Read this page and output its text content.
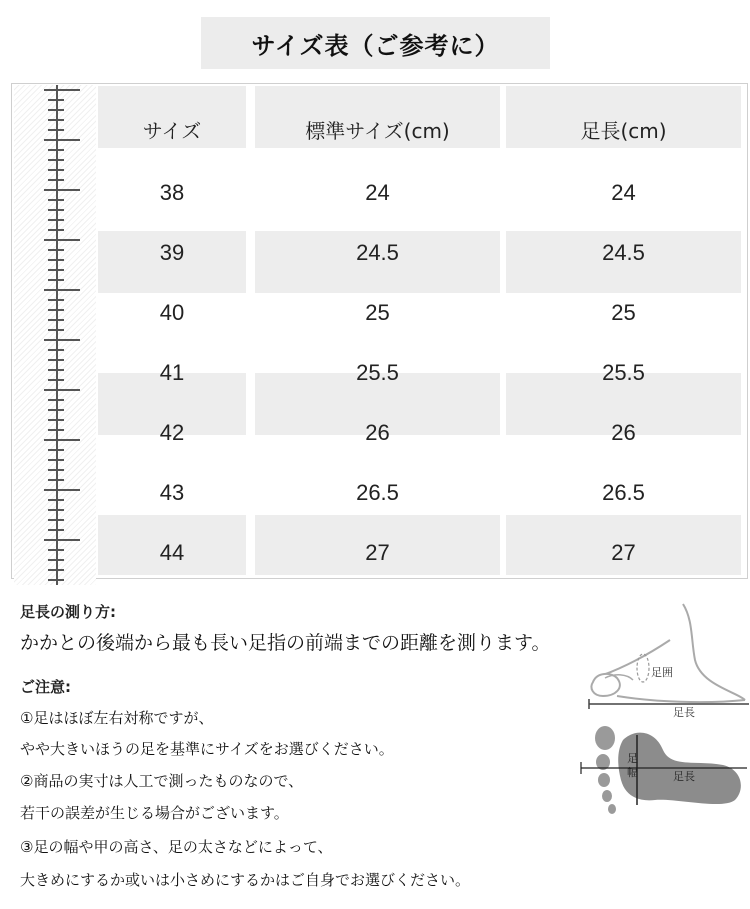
サイズ表（ご参考に）
サイズ	標準サイズ(cm)	足長(cm)
38	24	24
39	24.5	24.5
40	25	25
41	25.5	25.5
42	26	26
43	26.5	26.5
44	27	27
足長の測り方:
かかとの後端から最も長い足指の前端までの距離を測ります。
ご注意:
①足はほぼ左右対称ですが、
やや大きいほうの足を基準にサイズをお選びください。
②商品の実寸は人工で測ったものなので、
若干の誤差が生じる場合がございます。
③足の幅や甲の高さ、足の太さなどによって、
大きめにするか或いは小さめにするかはご自身でお選びください。
足囲
足長
足
幅	足長
